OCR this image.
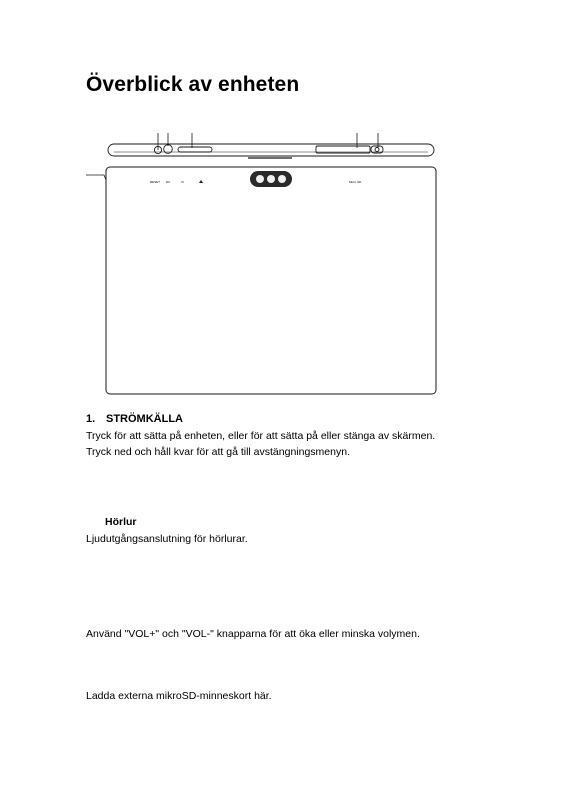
Överblick av enheten
RESET DC	Micro SD

1. STRÖMKÄLLA

Tryck för att sätta på enheten, eller för att sätta på eller stänga av skärmen.

Tryck ned och håll kvar för att gå till avstängningsmenyn.

Hörlur

Ljudutgångsanslutning för hörlurar.

Använd "VOL+" och "VOL-" knapparna för att öka eller minska volymen.

Ladda externa mikroSD-minneskort här.
